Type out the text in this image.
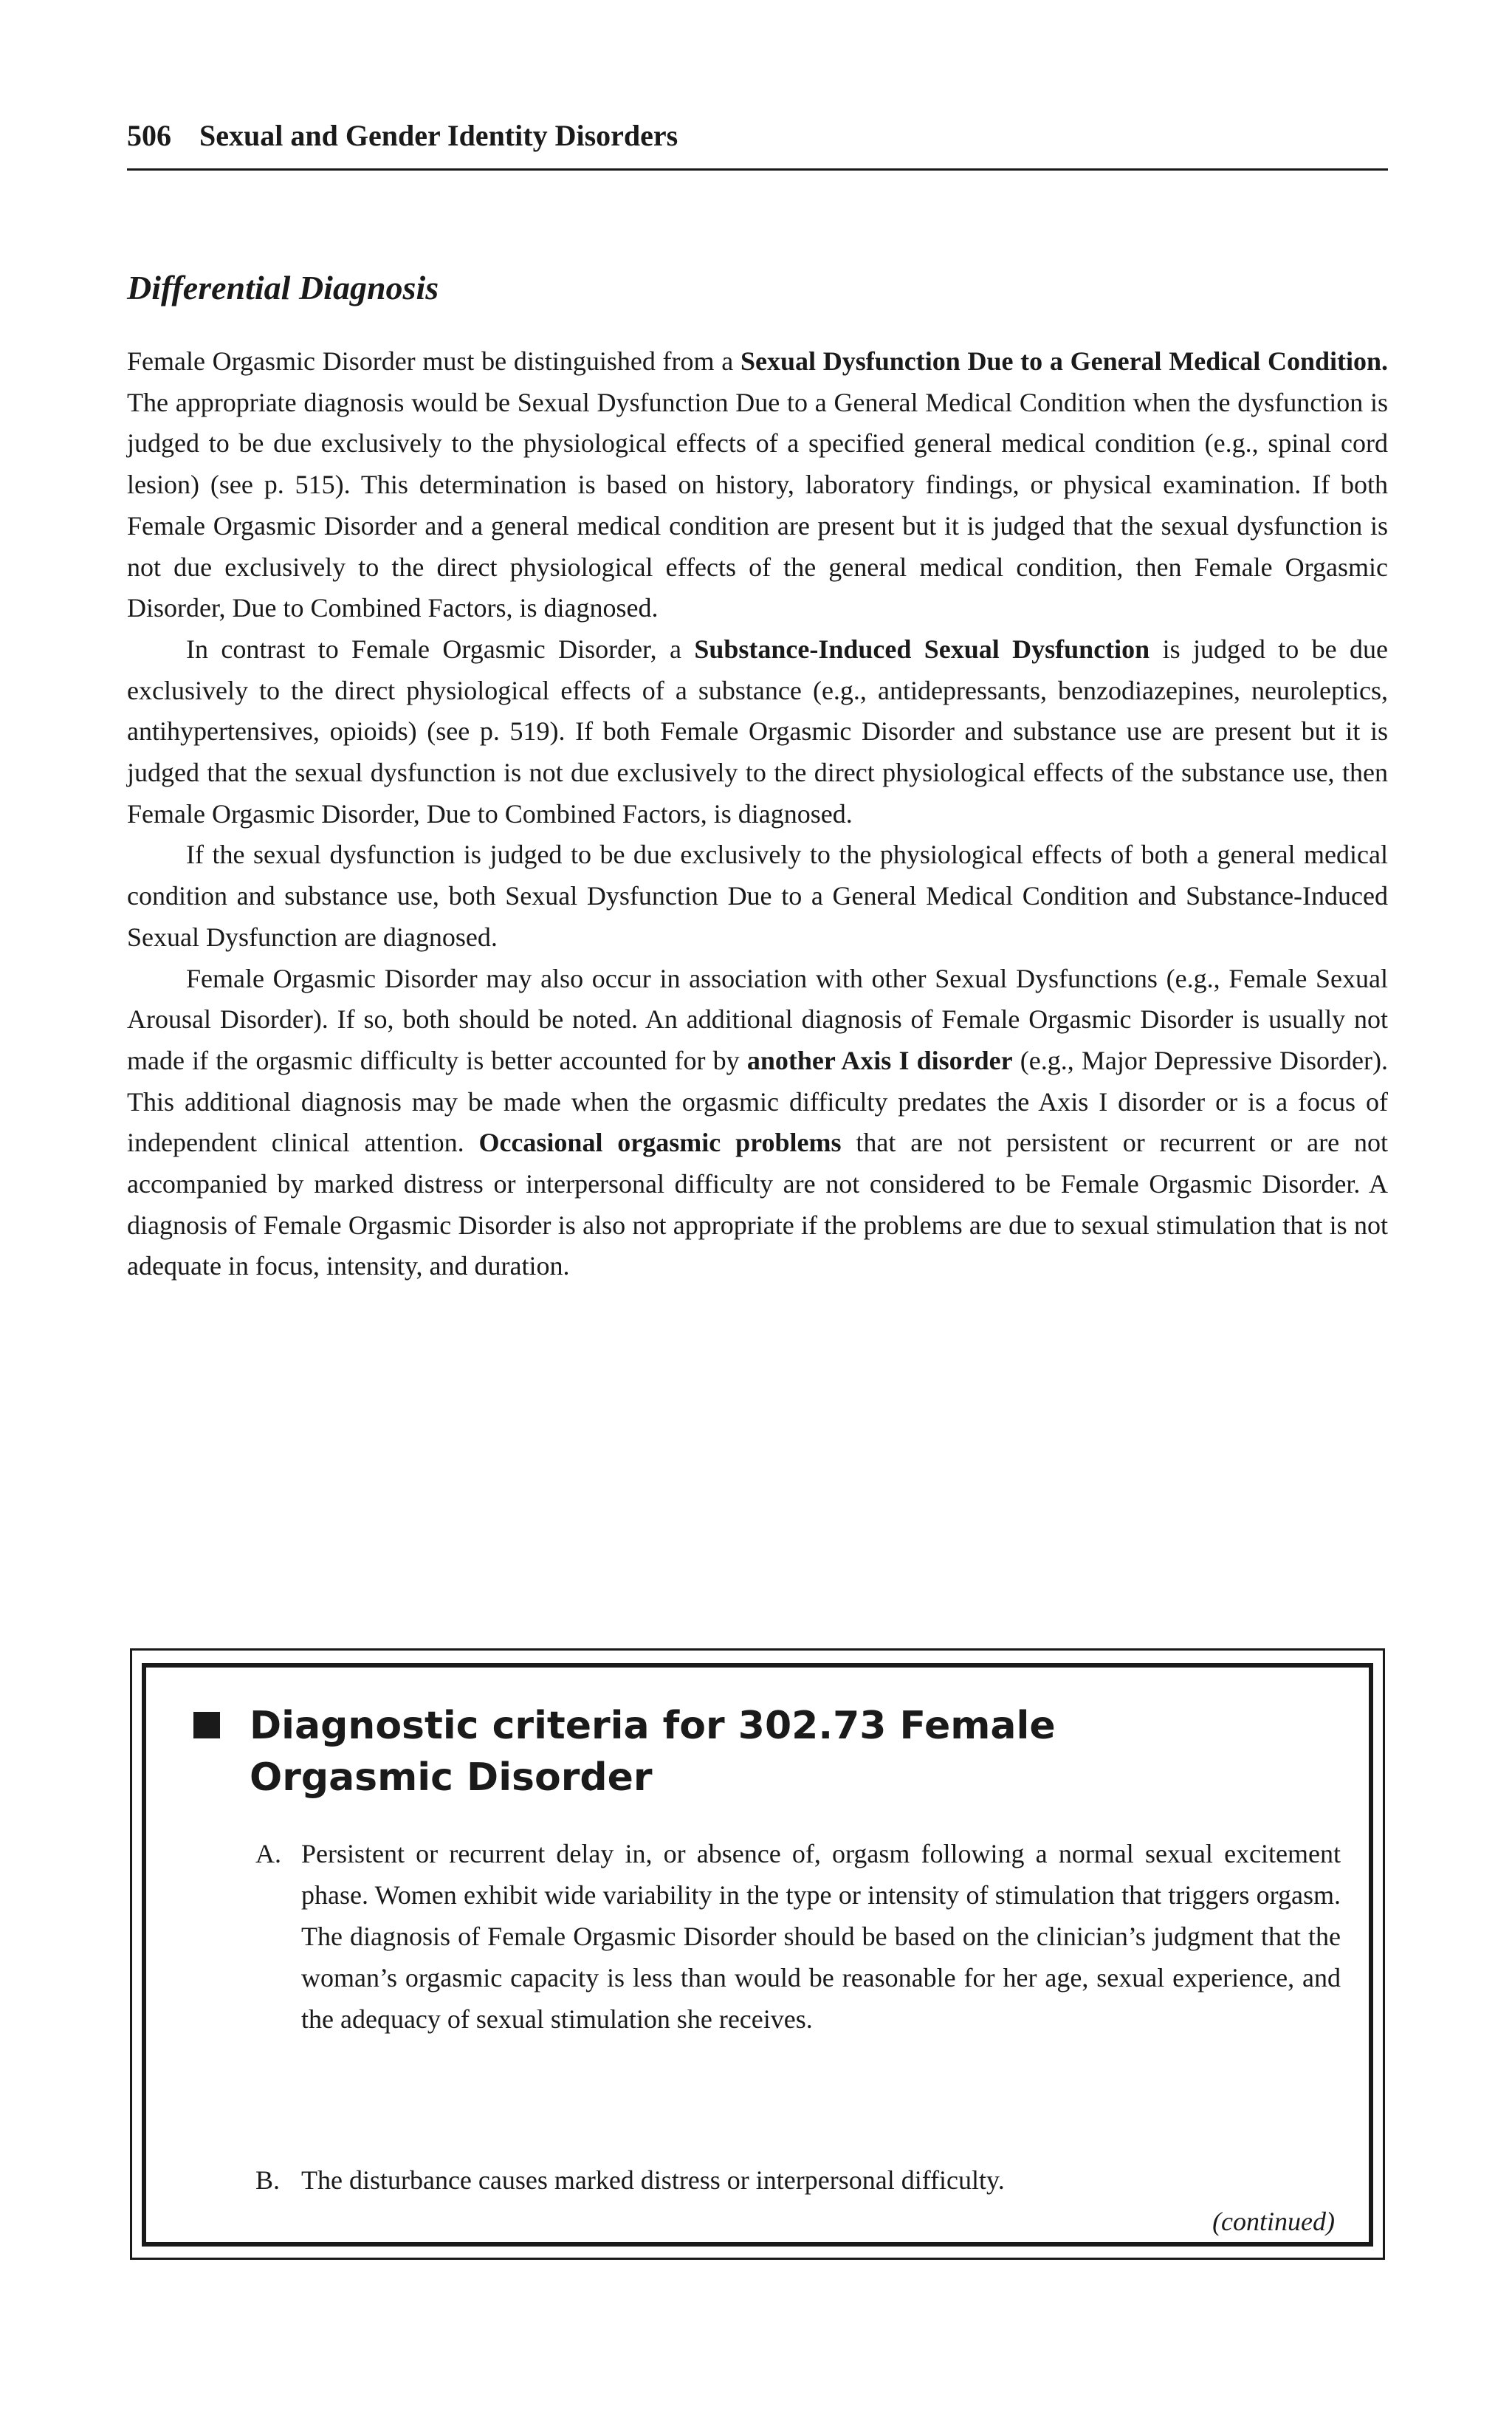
506 Sexual and Gender Identity Disorders
Differential Diagnosis

Female Orgasmic Disorder must be distinguished from a Sexual Dysfunction Due to a General Medical Condition. The appropriate diagnosis would be Sexual Dysfunction Due to a General Medical Condition when the dysfunction is judged to be due exclusively to the physiological effects of a specified general medical condition (e.g., spinal cord lesion) (see p. 515). This determination is based on history, laboratory findings, or physical examination. If both Female Orgasmic Disorder and a general medical condition are present but it is judged that the sexual dysfunction is not due exclusively to the direct physiological effects of the general medical condition, then Female Orgasmic Disorder, Due to Combined Factors, is diagnosed.

In contrast to Female Orgasmic Disorder, a Substance-Induced Sexual Dysfunction is judged to be due exclusively to the direct physiological effects of a substance (e.g., antidepressants, benzodiazepines, neuroleptics, antihypertensives, opioids) (see p. 519). If both Female Orgasmic Disorder and substance use are present but it is judged that the sexual dysfunction is not due exclusively to the direct physiological effects of the substance use, then Female Orgasmic Disorder, Due to Combined Factors, is diagnosed.

If the sexual dysfunction is judged to be due exclusively to the physiological effects of both a general medical condition and substance use, both Sexual Dysfunction Due to a General Medical Condition and Substance-Induced Sexual Dysfunction are diagnosed.

Female Orgasmic Disorder may also occur in association with other Sexual Dysfunctions (e.g., Female Sexual Arousal Disorder). If so, both should be noted. An additional diagnosis of Female Orgasmic Disorder is usually not made if the orgasmic difficulty is better accounted for by another Axis I disorder (e.g., Major Depressive Disorder). This additional diagnosis may be made when the orgasmic difficulty predates the Axis I disorder or is a focus of independent clinical attention. Occasional orgasmic problems that are not persistent or recurrent or are not accompanied by marked distress or interpersonal difficulty are not considered to be Female Orgasmic Disorder. A diagnosis of Female Orgasmic Disorder is also not appropriate if the problems are due to sexual stimulation that is not adequate in focus, intensity, and duration.

Diagnostic criteria for 302.73 Female Orgasmic Disorder
A. Persistent or recurrent delay in, or absence of, orgasm following a normal sexual excitement phase. Women exhibit wide variability in the type or intensity of stimulation that triggers orgasm. The diagnosis of Female Orgasmic Disorder should be based on the clinician’s judgment that the woman’s orgasmic capacity is less than would be reasonable for her age, sexual experience, and the adequacy of sexual stimulation she receives.
B. The disturbance causes marked distress or interpersonal difficulty.
(continued)
